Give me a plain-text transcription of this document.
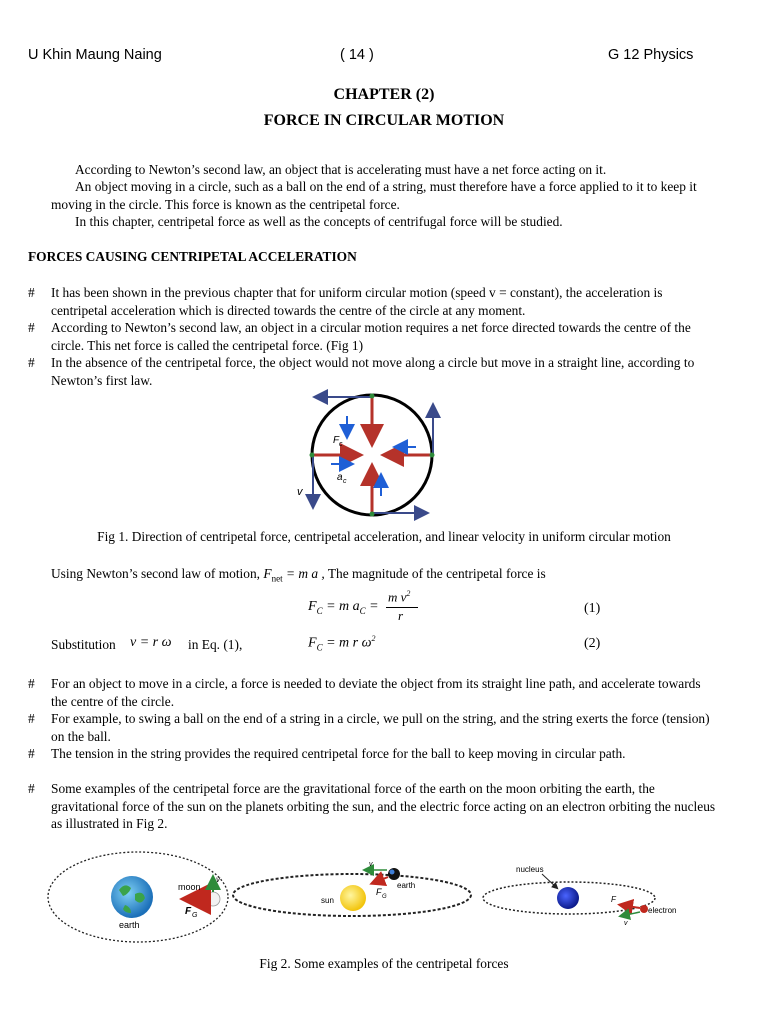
U Khin Maung Naing	( 14 )	G 12 Physics
CHAPTER (2)
FORCE IN CIRCULAR MOTION
According to Newton’s second law, an object that is accelerating must have a net force acting on it.
An object moving in a circle, such as a ball on the end of a string, must therefore have a force applied to it to keep it moving in the circle. This force is known as the centripetal force.
In this chapter, centripetal force as well as the concepts of centrifugal force will be studied.
FORCES CAUSING CENTRIPETAL ACCELERATION
# It has been shown in the previous chapter that for uniform circular motion (speed v = constant), the acceleration is centripetal acceleration which is directed towards the centre of the circle at any moment.
# According to Newton’s second law, an object in a circular motion requires a net force directed towards the centre of the circle. This net force is called the centripetal force. (Fig 1)
# In the absence of the centripetal force, the object would not move along a circle but move in a straight line, according to Newton’s first law.
F c
a c
v
Fig 1. Direction of centripetal force, centripetal acceleration, and linear velocity in uniform circular motion
Using Newton’s second law of motion, $F_{net} = m$ a , The magnitude of the centripetal force is
$F_C = m$ $a_C$ =
m $v^2$
r	(1)
Substitution v = r ω in Eq. (1),	$F_C = m$ r $\omega^2$	(2)
# For an object to move in a circle, a force is needed to deviate the object from its straight line path, and accelerate towards the centre of the circle.
# For example, to swing a ball on the end of a string in a circle, we pull on the string, and the string exerts the force (tension) on the ball.
# The tension in the string provides the required centripetal force for the ball to keep moving in circular path.
# Some examples of the centripetal force are the gravitational force of the earth on the moon orbiting the earth, the gravitational force of the sun on the planets orbiting the sun, and the electric force acting on an electron orbiting the nucleus as illustrated in Fig 2.
moon
F G
v
earth
sun
earth
F G
v
nucleus
electron
F
v
Fig 2. Some examples of the centripetal forces
